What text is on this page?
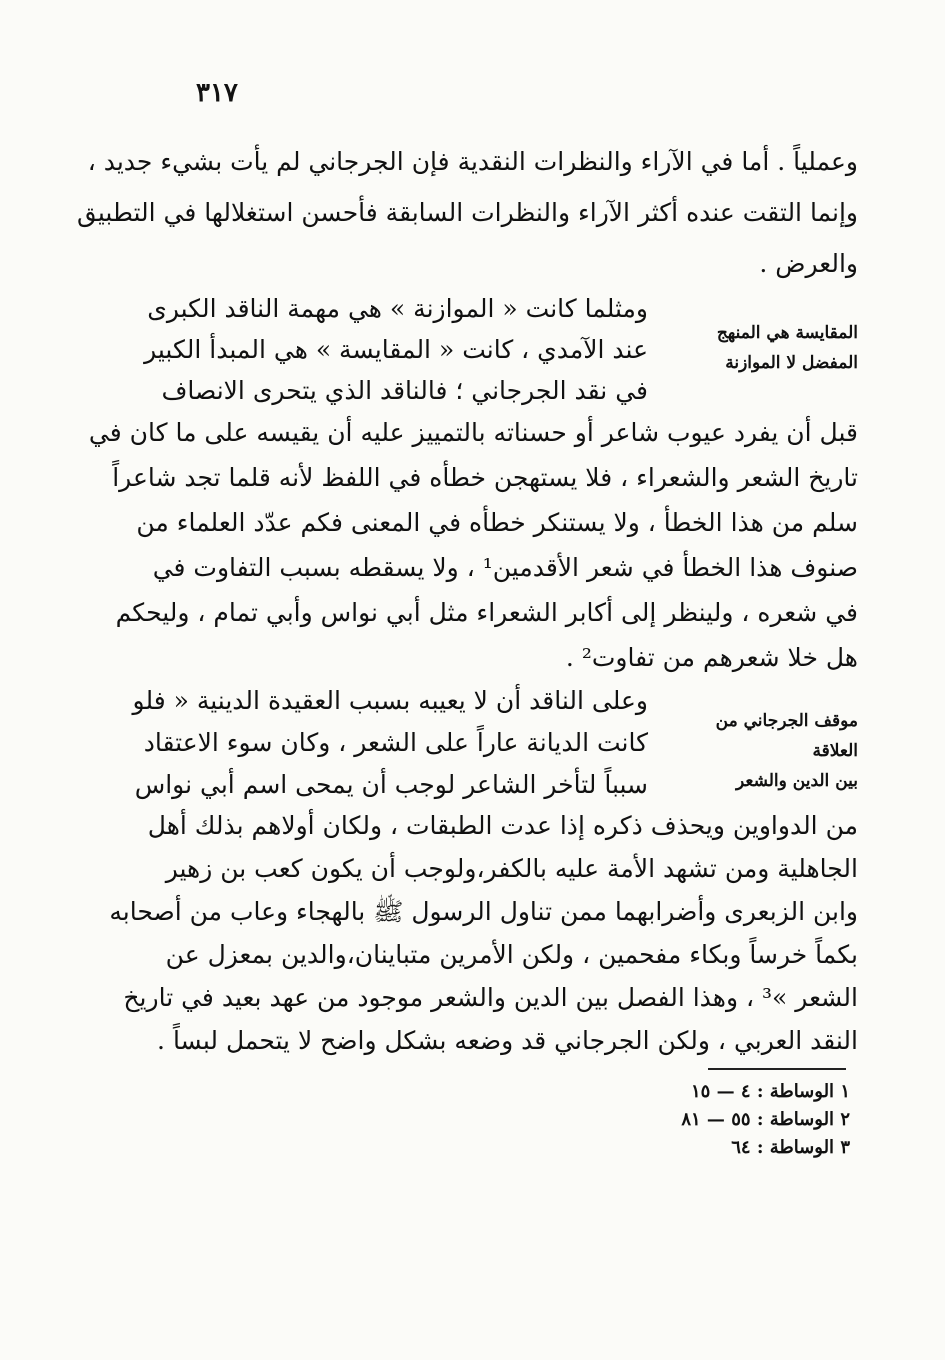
٣١٧
وعملياً . أما في الآراء والنظرات النقدية فإن الجرجاني لم يأت بشيء جديد ،
وإنما التقت عنده أكثر الآراء والنظرات السابقة فأحسن استغلالها في التطبيق
والعرض .
المقايسة هي المنهج
المفضل لا الموازنة
ومثلما كانت « الموازنة » هي مهمة الناقد الكبرى
عند الآمدي ، كانت « المقايسة » هي المبدأ الكبير
في نقد الجرجاني ؛ فالناقد الذي يتحرى الانصاف
قبل أن يفرد عيوب شاعر أو حسناته بالتمييز عليه أن يقيسه على ما كان في
تاريخ الشعر والشعراء ، فلا يستهجن خطأه في اللفظ لأنه قلما تجد شاعراً
سلم من هذا الخطأ ، ولا يستنكر خطأه في المعنى فكم عدّد العلماء من
صنوف هذا الخطأ في شعر الأقدمين¹ ، ولا يسقطه بسبب التفاوت في
في شعره ، ولينظر إلى أكابر الشعراء مثل أبي نواس وأبي تمام ، وليحكم
هل خلا شعرهم من تفاوت² .
موقف الجرجاني من العلاقة
بين الدين والشعر
وعلى الناقد أن لا يعيبه بسبب العقيدة الدينية « فلو
كانت الديانة عاراً على الشعر ، وكان سوء الاعتقاد
سبباً لتأخر الشاعر لوجب أن يمحى اسم أبي نواس
من الدواوين ويحذف ذكره إذا عدت الطبقات ، ولكان أولاهم بذلك أهل
الجاهلية ومن تشهد الأمة عليه بالكفر،ولوجب أن يكون كعب بن زهير
وابن الزبعرى وأضرابهما ممن تناول الرسول ﷺ بالهجاء وعاب من أصحابه
بكماً خرساً وبكاء مفحمين ، ولكن الأمرين متباينان،والدين بمعزل عن
الشعر »³ ، وهذا الفصل بين الدين والشعر موجود من عهد بعيد في تاريخ
النقد العربي ، ولكن الجرجاني قد وضعه بشكل واضح لا يتحمل لبساً .
١ الوساطة : ٤ — ١٥
٢ الوساطة : ٥٥ — ٨١
٣ الوساطة : ٦٤
